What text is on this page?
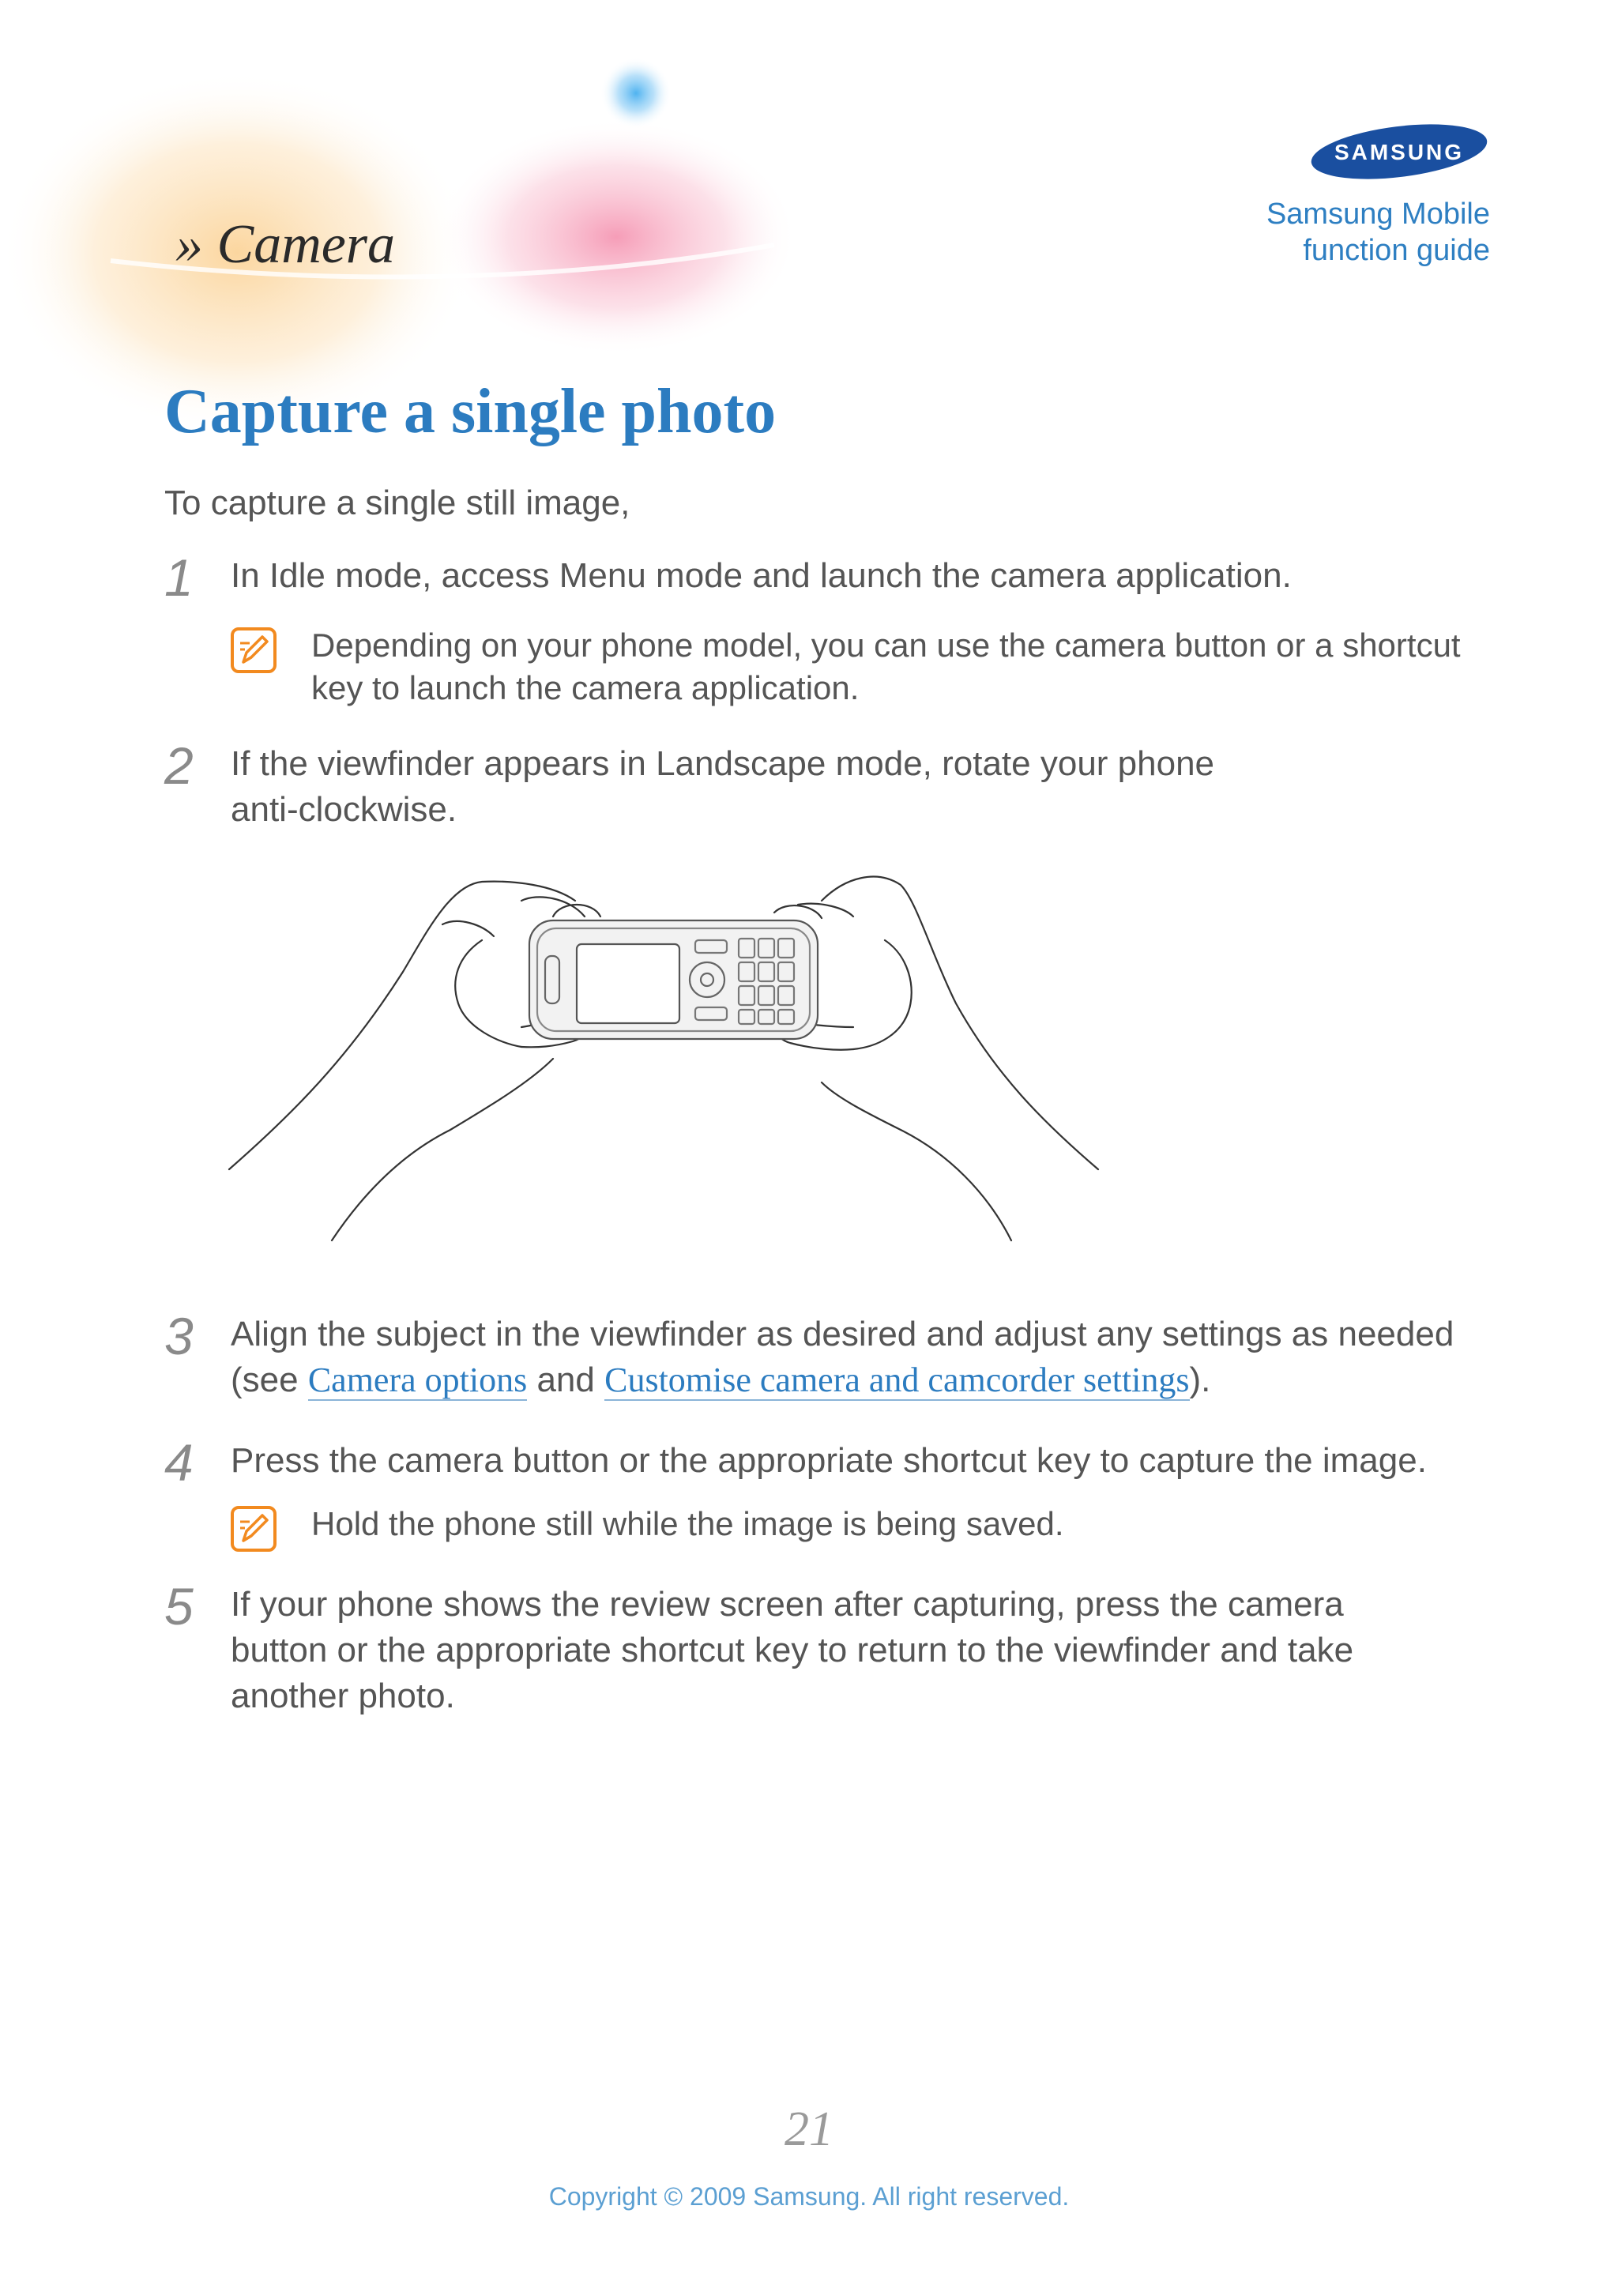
» Camera
SAMSUNG
Samsung Mobile
function guide
Capture a single photo
To capture a single still image,
1 In Idle mode, access Menu mode and launch the camera application.
Depending on your phone model, you can use the camera button or a shortcut key to launch the camera application.
2 If the viewfinder appears in Landscape mode, rotate your phone anti-clockwise.
3 Align the subject in the viewfinder as desired and adjust any settings as needed (see Camera options and Customise camera and camcorder settings).
4 Press the camera button or the appropriate shortcut key to capture the image.
Hold the phone still while the image is being saved.
5 If your phone shows the review screen after capturing, press the camera button or the appropriate shortcut key to return to the viewfinder and take another photo.
21
Copyright © 2009 Samsung. All right reserved.
